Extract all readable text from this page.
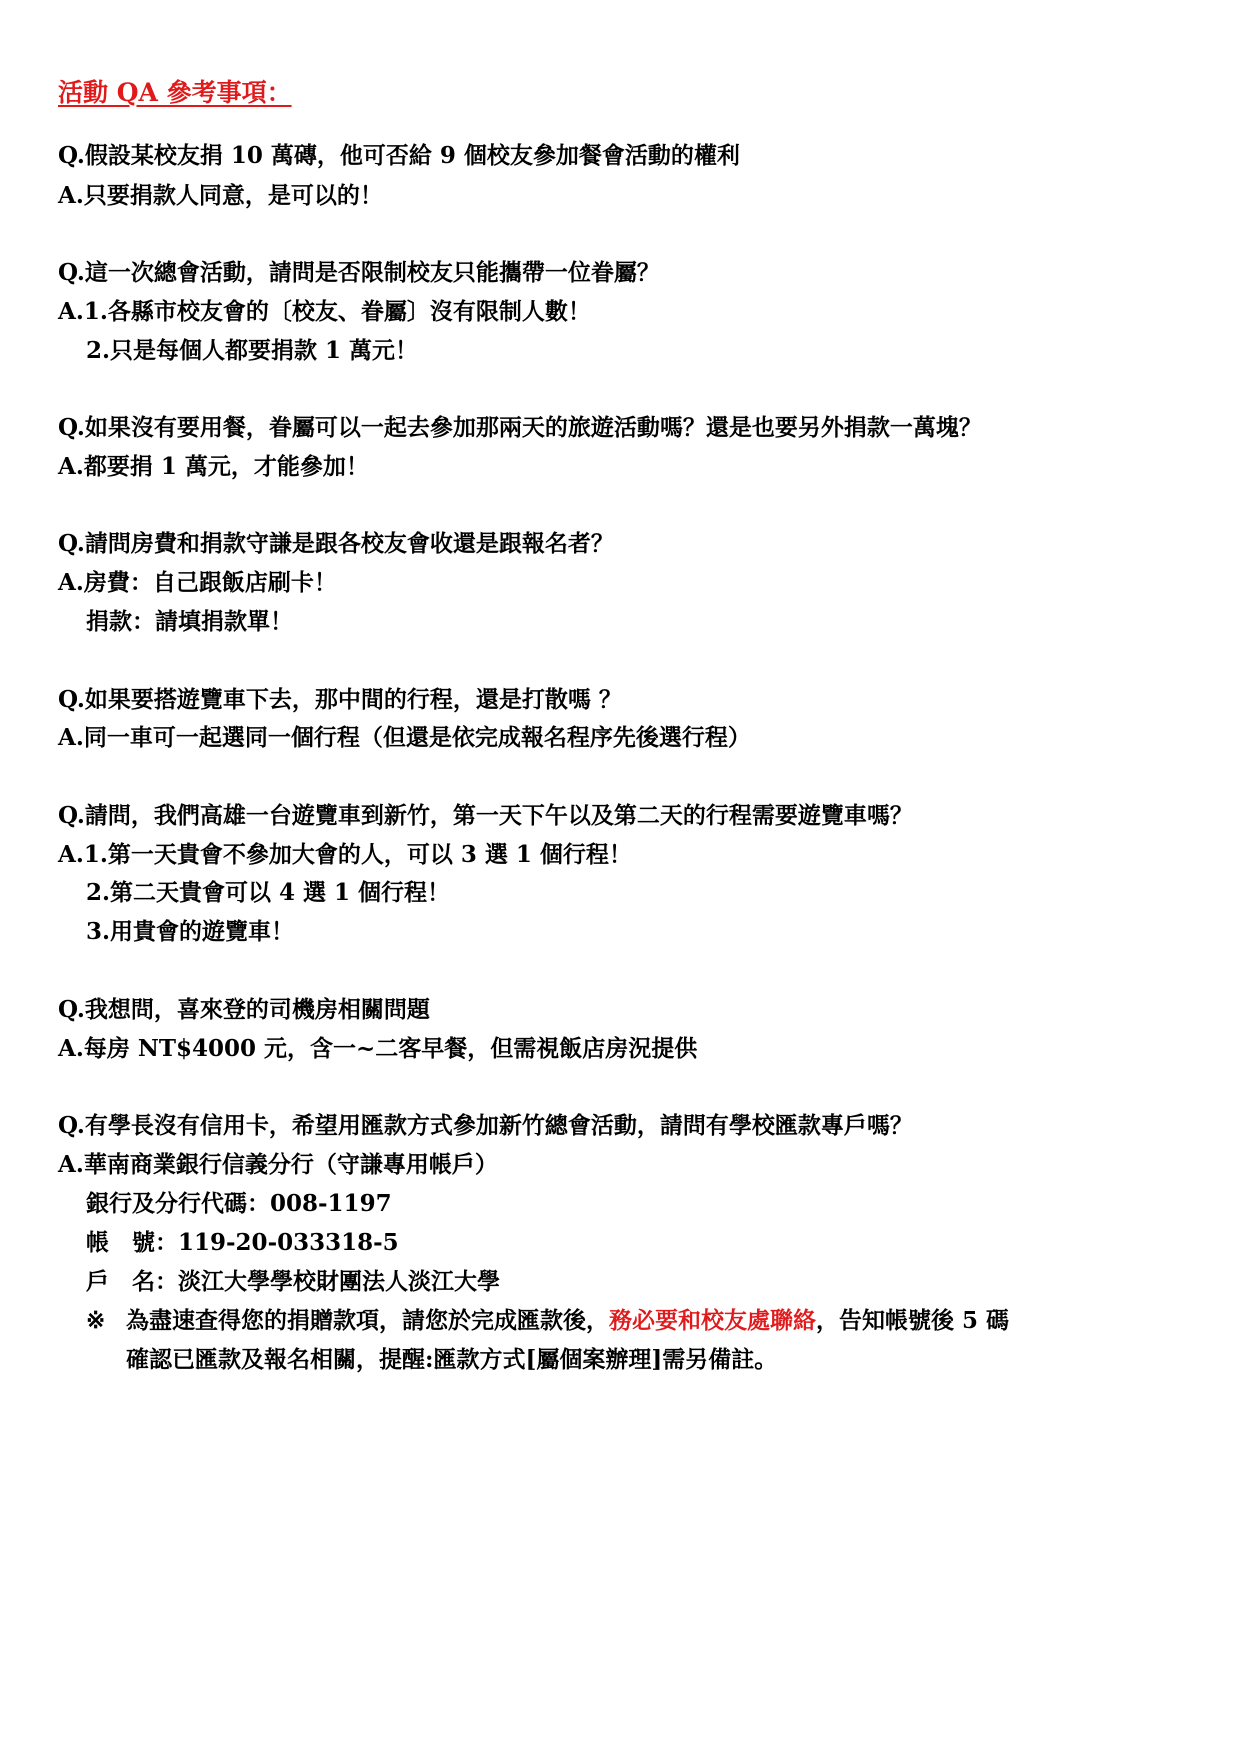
活動 QA 參考事項：
Q.假設某校友捐 10 萬磚，他可否給 9 個校友參加餐會活動的權利
A.只要捐款人同意，是可以的！
Q.這一次總會活動，請問是否限制校友只能攜帶一位眷屬？
A.1.各縣市校友會的〔校友、眷屬〕沒有限制人數！
2.只是每個人都要捐款 1 萬元！
Q.如果沒有要用餐，眷屬可以一起去參加那兩天的旅遊活動嗎？還是也要另外捐款一萬塊？
A.都要捐 1 萬元，才能參加！
Q.請問房費和捐款守謙是跟各校友會收還是跟報名者？
A.房費：自己跟飯店刷卡！
捐款：請填捐款單！
Q.如果要搭遊覽車下去，那中間的行程，還是打散嗎 ？
A.同一車可一起選同一個行程（但還是依完成報名程序先後選行程）
Q.請問，我們高雄一台遊覽車到新竹，第一天下午以及第二天的行程需要遊覽車嗎？
A.1.第一天貴會不參加大會的人，可以 3 選 1 個行程！
2.第二天貴會可以 4 選 1 個行程！
3.用貴會的遊覽車！
Q.我想問，喜來登的司機房相關問題
A.每房 NT$4000 元，含一~二客早餐，但需視飯店房況提供
Q.有學長沒有信用卡，希望用匯款方式參加新竹總會活動，請問有學校匯款專戶嗎？
A.華南商業銀行信義分行（守謙專用帳戶）
銀行及分行代碼：008-1197
帳　號：119-20-033318-5
戶　名：淡江大學學校財團法人淡江大學
※ 為盡速查得您的捐贈款項，請您於完成匯款後，務必要和校友處聯絡，告知帳號後 5 碼
確認已匯款及報名相關，提醒:匯款方式[屬個案辦理]需另備註。
